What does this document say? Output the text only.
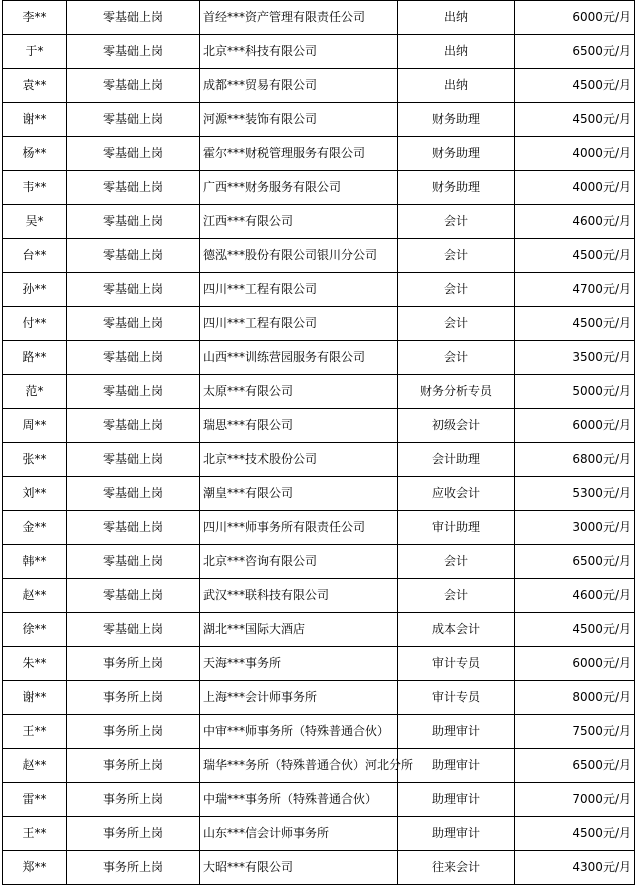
李**	零基础上岗	首经***资产管理有限责任公司	出纳	6000元/月
于*	零基础上岗	北京***科技有限公司	出纳	6500元/月
袁**	零基础上岗	成都***贸易有限公司	出纳	4500元/月
谢**	零基础上岗	河源***装饰有限公司	财务助理	4500元/月
杨**	零基础上岗	霍尔***财税管理服务有限公司	财务助理	4000元/月
韦**	零基础上岗	广西***财务服务有限公司	财务助理	4000元/月
吴*	零基础上岗	江西***有限公司	会计	4600元/月
台**	零基础上岗	德泓***股份有限公司银川分公司	会计	4500元/月
孙**	零基础上岗	四川***工程有限公司	会计	4700元/月
付**	零基础上岗	四川***工程有限公司	会计	4500元/月
路**	零基础上岗	山西***训练营园服务有限公司	会计	3500元/月
范*	零基础上岗	太原***有限公司	财务分析专员	5000元/月
周**	零基础上岗	瑞思***有限公司	初级会计	6000元/月
张**	零基础上岗	北京***技术股份公司	会计助理	6800元/月
刘**	零基础上岗	潮皇***有限公司	应收会计	5300元/月
金**	零基础上岗	四川***师事务所有限责任公司	审计助理	3000元/月
韩**	零基础上岗	北京***咨询有限公司	会计	6500元/月
赵**	零基础上岗	武汉***联科技有限公司	会计	4600元/月
徐**	零基础上岗	湖北***国际大酒店	成本会计	4500元/月
朱**	事务所上岗	天海***事务所	审计专员	6000元/月
谢**	事务所上岗	上海***会计师事务所	审计专员	8000元/月
王**	事务所上岗	中审***师事务所（特殊普通合伙）	助理审计	7500元/月
赵**	事务所上岗	瑞华***务所（特殊普通合伙）河北分所	助理审计	6500元/月
雷**	事务所上岗	中瑞***事务所（特殊普通合伙）	助理审计	7000元/月
王**	事务所上岗	山东***信会计师事务所	助理审计	4500元/月
郑**	事务所上岗	大昭***有限公司	往来会计	4300元/月
